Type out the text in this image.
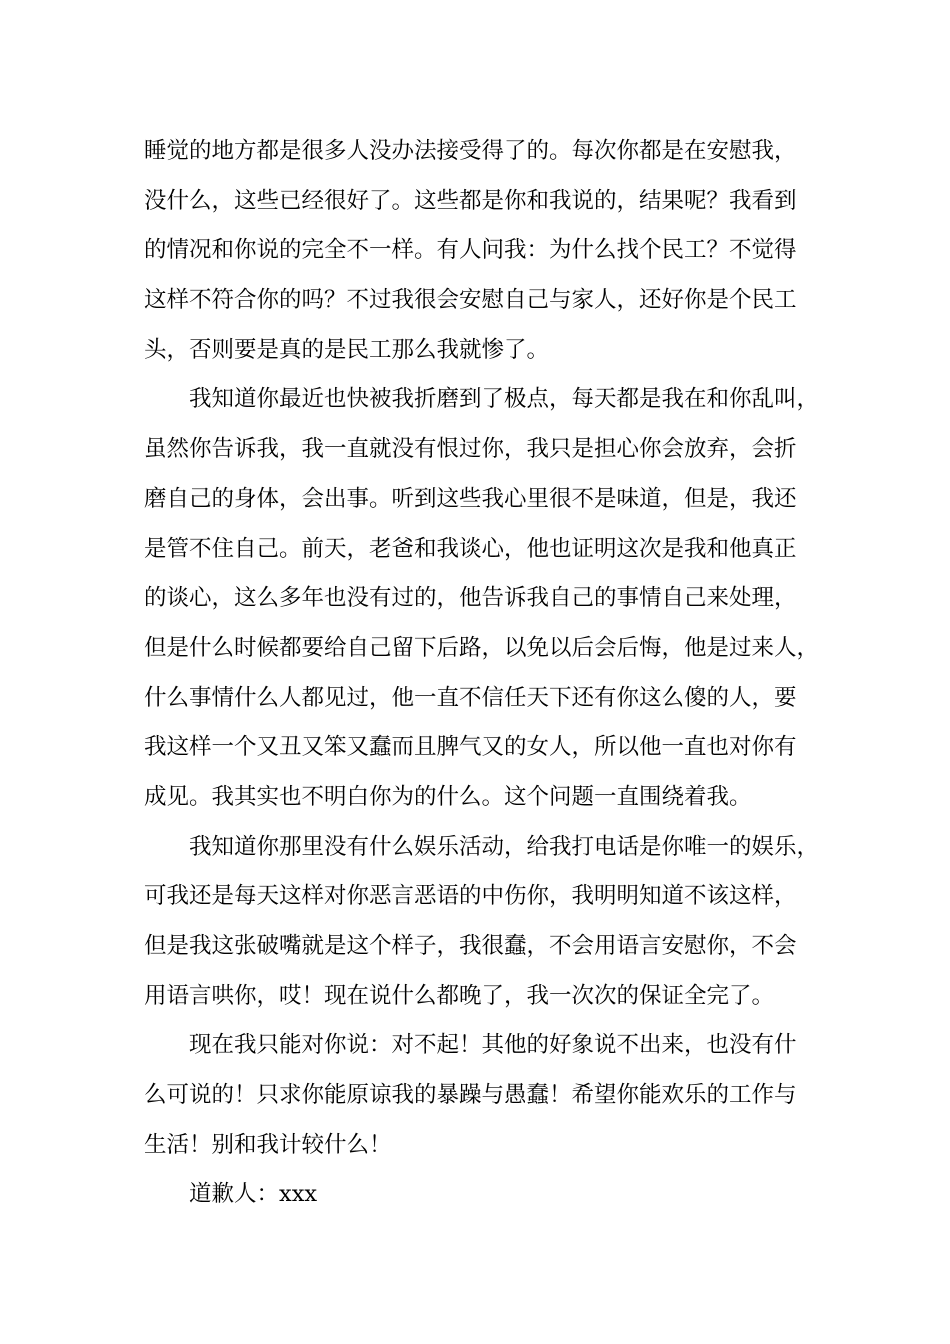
睡觉的地方都是很多人没办法接受得了的。每次你都是在安慰我，
没什么，这些已经很好了。这些都是你和我说的，结果呢？我看到
的情况和你说的完全不一样。有人问我：为什么找个民工？不觉得
这样不符合你的吗？不过我很会安慰自己与家人，还好你是个民工
头，否则要是真的是民工那么我就惨了。
我知道你最近也快被我折磨到了极点，每天都是我在和你乱叫，
虽然你告诉我，我一直就没有恨过你，我只是担心你会放弃，会折
磨自己的身体，会出事。听到这些我心里很不是味道，但是，我还
是管不住自己。前天，老爸和我谈心，他也证明这次是我和他真正
的谈心，这么多年也没有过的，他告诉我自己的事情自己来处理，
但是什么时候都要给自己留下后路，以免以后会后悔，他是过来人，
什么事情什么人都见过，他一直不信任天下还有你这么傻的人，要
我这样一个又丑又笨又蠢而且脾气又的女人，所以他一直也对你有
成见。我其实也不明白你为的什么。这个问题一直围绕着我。
我知道你那里没有什么娱乐活动，给我打电话是你唯一的娱乐，
可我还是每天这样对你恶言恶语的中伤你，我明明知道不该这样，
但是我这张破嘴就是这个样子，我很蠢，不会用语言安慰你，不会
用语言哄你，哎！现在说什么都晚了，我一次次的保证全完了。
现在我只能对你说：对不起！其他的好象说不出来，也没有什
么可说的！只求你能原谅我的暴躁与愚蠢！希望你能欢乐的工作与
生活！别和我计较什么！
道歉人：xxx
